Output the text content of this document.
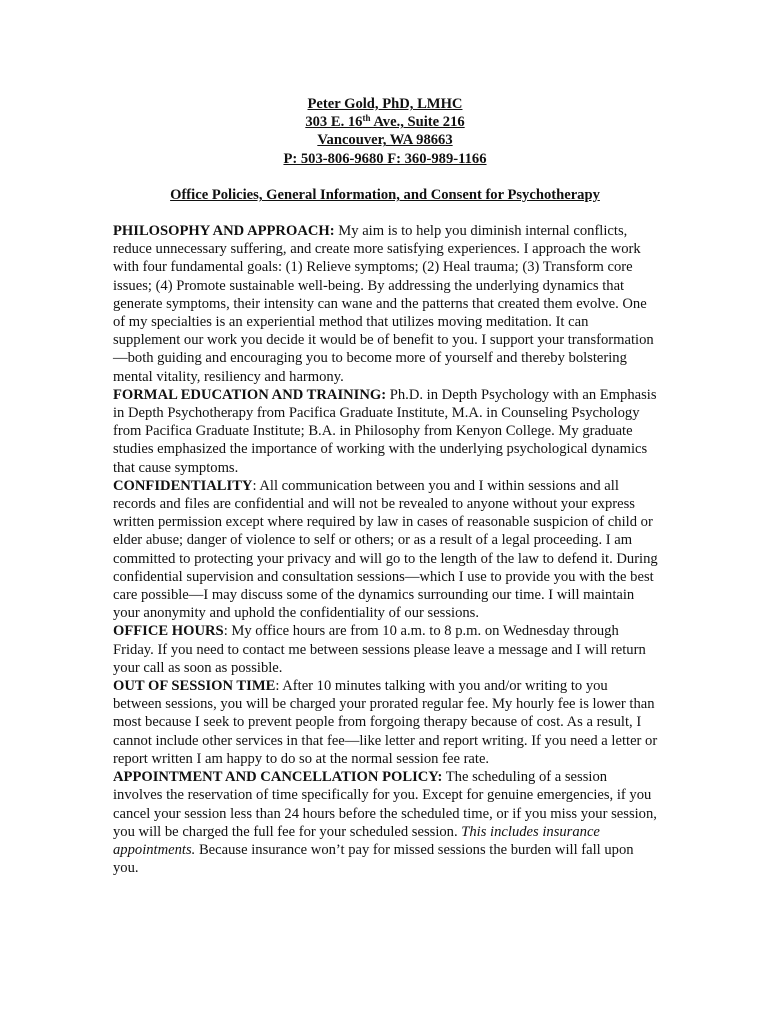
Peter Gold, PhD, LMHC
303 E. 16th Ave., Suite 216
Vancouver, WA 98663
P: 503-806-9680 F: 360-989-1166
Office Policies, General Information, and Consent for Psychotherapy

PHILOSOPHY AND APPROACH: My aim is to help you diminish internal conflicts, reduce unnecessary suffering, and create more satisfying experiences. I approach the work with four fundamental goals: (1) Relieve symptoms; (2) Heal trauma; (3) Transform core issues; (4) Promote sustainable well-being. By addressing the underlying dynamics that generate symptoms, their intensity can wane and the patterns that created them evolve. One of my specialties is an experiential method that utilizes moving meditation. It can supplement our work you decide it would be of benefit to you. I support your transformation—both guiding and encouraging you to become more of yourself and thereby bolstering mental vitality, resiliency and harmony.

FORMAL EDUCATION AND TRAINING: Ph.D. in Depth Psychology with an Emphasis in Depth Psychotherapy from Pacifica Graduate Institute, M.A. in Counseling Psychology from Pacifica Graduate Institute; B.A. in Philosophy from Kenyon College. My graduate studies emphasized the importance of working with the underlying psychological dynamics that cause symptoms.

CONFIDENTIALITY: All communication between you and I within sessions and all records and files are confidential and will not be revealed to anyone without your express written permission except where required by law in cases of reasonable suspicion of child or elder abuse; danger of violence to self or others; or as a result of a legal proceeding. I am committed to protecting your privacy and will go to the length of the law to defend it. During confidential supervision and consultation sessions—which I use to provide you with the best care possible—I may discuss some of the dynamics surrounding our time. I will maintain your anonymity and uphold the confidentiality of our sessions.

OFFICE HOURS: My office hours are from 10 a.m. to 8 p.m. on Wednesday through Friday. If you need to contact me between sessions please leave a message and I will return your call as soon as possible.

OUT OF SESSION TIME: After 10 minutes talking with you and/or writing to you between sessions, you will be charged your prorated regular fee. My hourly fee is lower than most because I seek to prevent people from forgoing therapy because of cost. As a result, I cannot include other services in that fee—like letter and report writing. If you need a letter or report written I am happy to do so at the normal session fee rate.

APPOINTMENT AND CANCELLATION POLICY: The scheduling of a session involves the reservation of time specifically for you. Except for genuine emergencies, if you cancel your session less than 24 hours before the scheduled time, or if you miss your session, you will be charged the full fee for your scheduled session. This includes insurance appointments. Because insurance won’t pay for missed sessions the burden will fall upon you.
